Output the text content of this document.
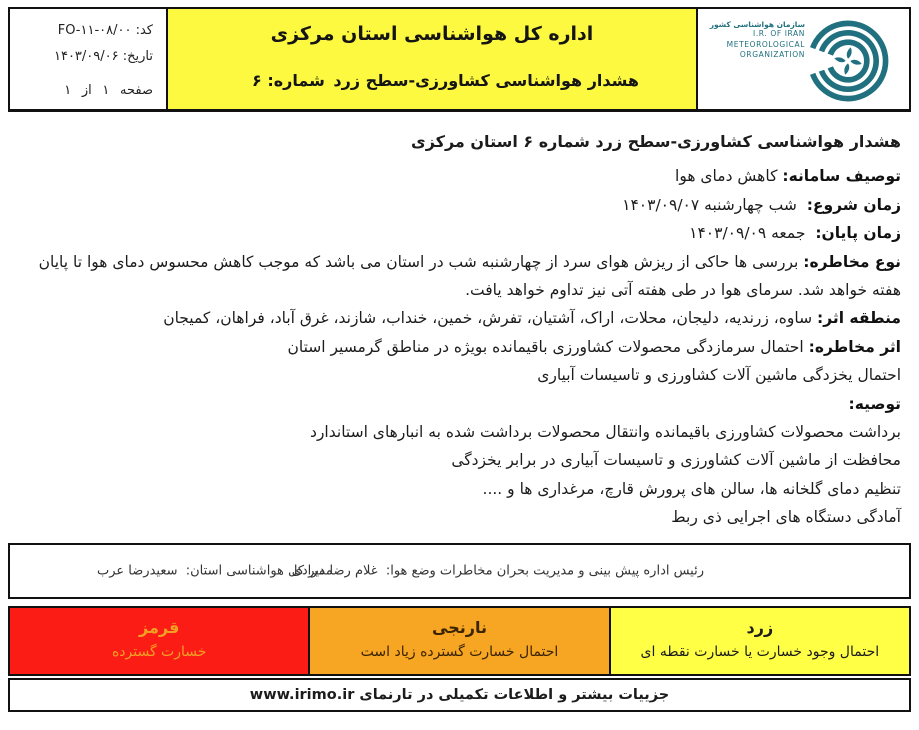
کد: FO-۱۱-۰۸/۰۰
تاریخ: ۱۴۰۳/۰۹/۰۶
صفحه  ۱  از  ۱
اداره کل هواشناسی استان مرکزی
هشدار هواشناسی کشاورزی-سطح زرد
شماره: ۶
سازمان هواشناسی کشور
I.R. OF IRAN
METEOROLOGICAL
ORGANIZATION
هشدار هواشناسی کشاورزی-سطح زرد شماره ۶ استان مرکزی

توصیف سامانه: کاهش دمای هوا

زمان شروع:  شب چهارشنبه ۱۴۰۳/۰۹/۰۷

زمان پایان:  جمعه ۱۴۰۳/۰۹/۰۹

نوع مخاطره: بررسی ها حاکی از ریزش هوای سرد از چهارشنبه شب در استان می باشد که موجب کاهش محسوس دمای هوا تا پایان هفته خواهد شد. سرمای هوا در طی هفته آتی نیز تداوم خواهد یافت.

منطقه اثر: ساوه، زرندیه، دلیجان، محلات، اراک، آشتیان، تفرش، خمین، خنداب، شازند، غرق آباد، فراهان، کمیجان

اثر مخاطره: احتمال سرمازدگی محصولات کشاورزی باقیمانده بویژه در مناطق گرمسیر استان

احتمال یخزدگی ماشین آلات کشاورزی و تاسیسات آبیاری

توصیه:

برداشت محصولات کشاورزی باقیمانده وانتقال محصولات برداشت شده به انبارهای استاندارد

محافظت از ماشین آلات کشاورزی و تاسیسات آبیاری در برابر یخزدگی

تنظیم دمای گلخانه ها، سالن های پرورش قارچ، مرغداری ها و ....

آمادگی دستگاه های اجرایی ذی ربط

رئیس اداره پیش بینی و مدیریت بحران مخاطرات وضع هوا:  غلام رضا مرادی
مدیر کل هواشناسی استان:  سعیدرضا عرب
زرد
احتمال وجود خسارت یا خسارت نقطه ای
نارنجی
احتمال خسارت گسترده زیاد است
قرمز
خسارت گسترده
جزییات بیشتر و اطلاعات تکمیلی در تارنمای www.irimo.ir
